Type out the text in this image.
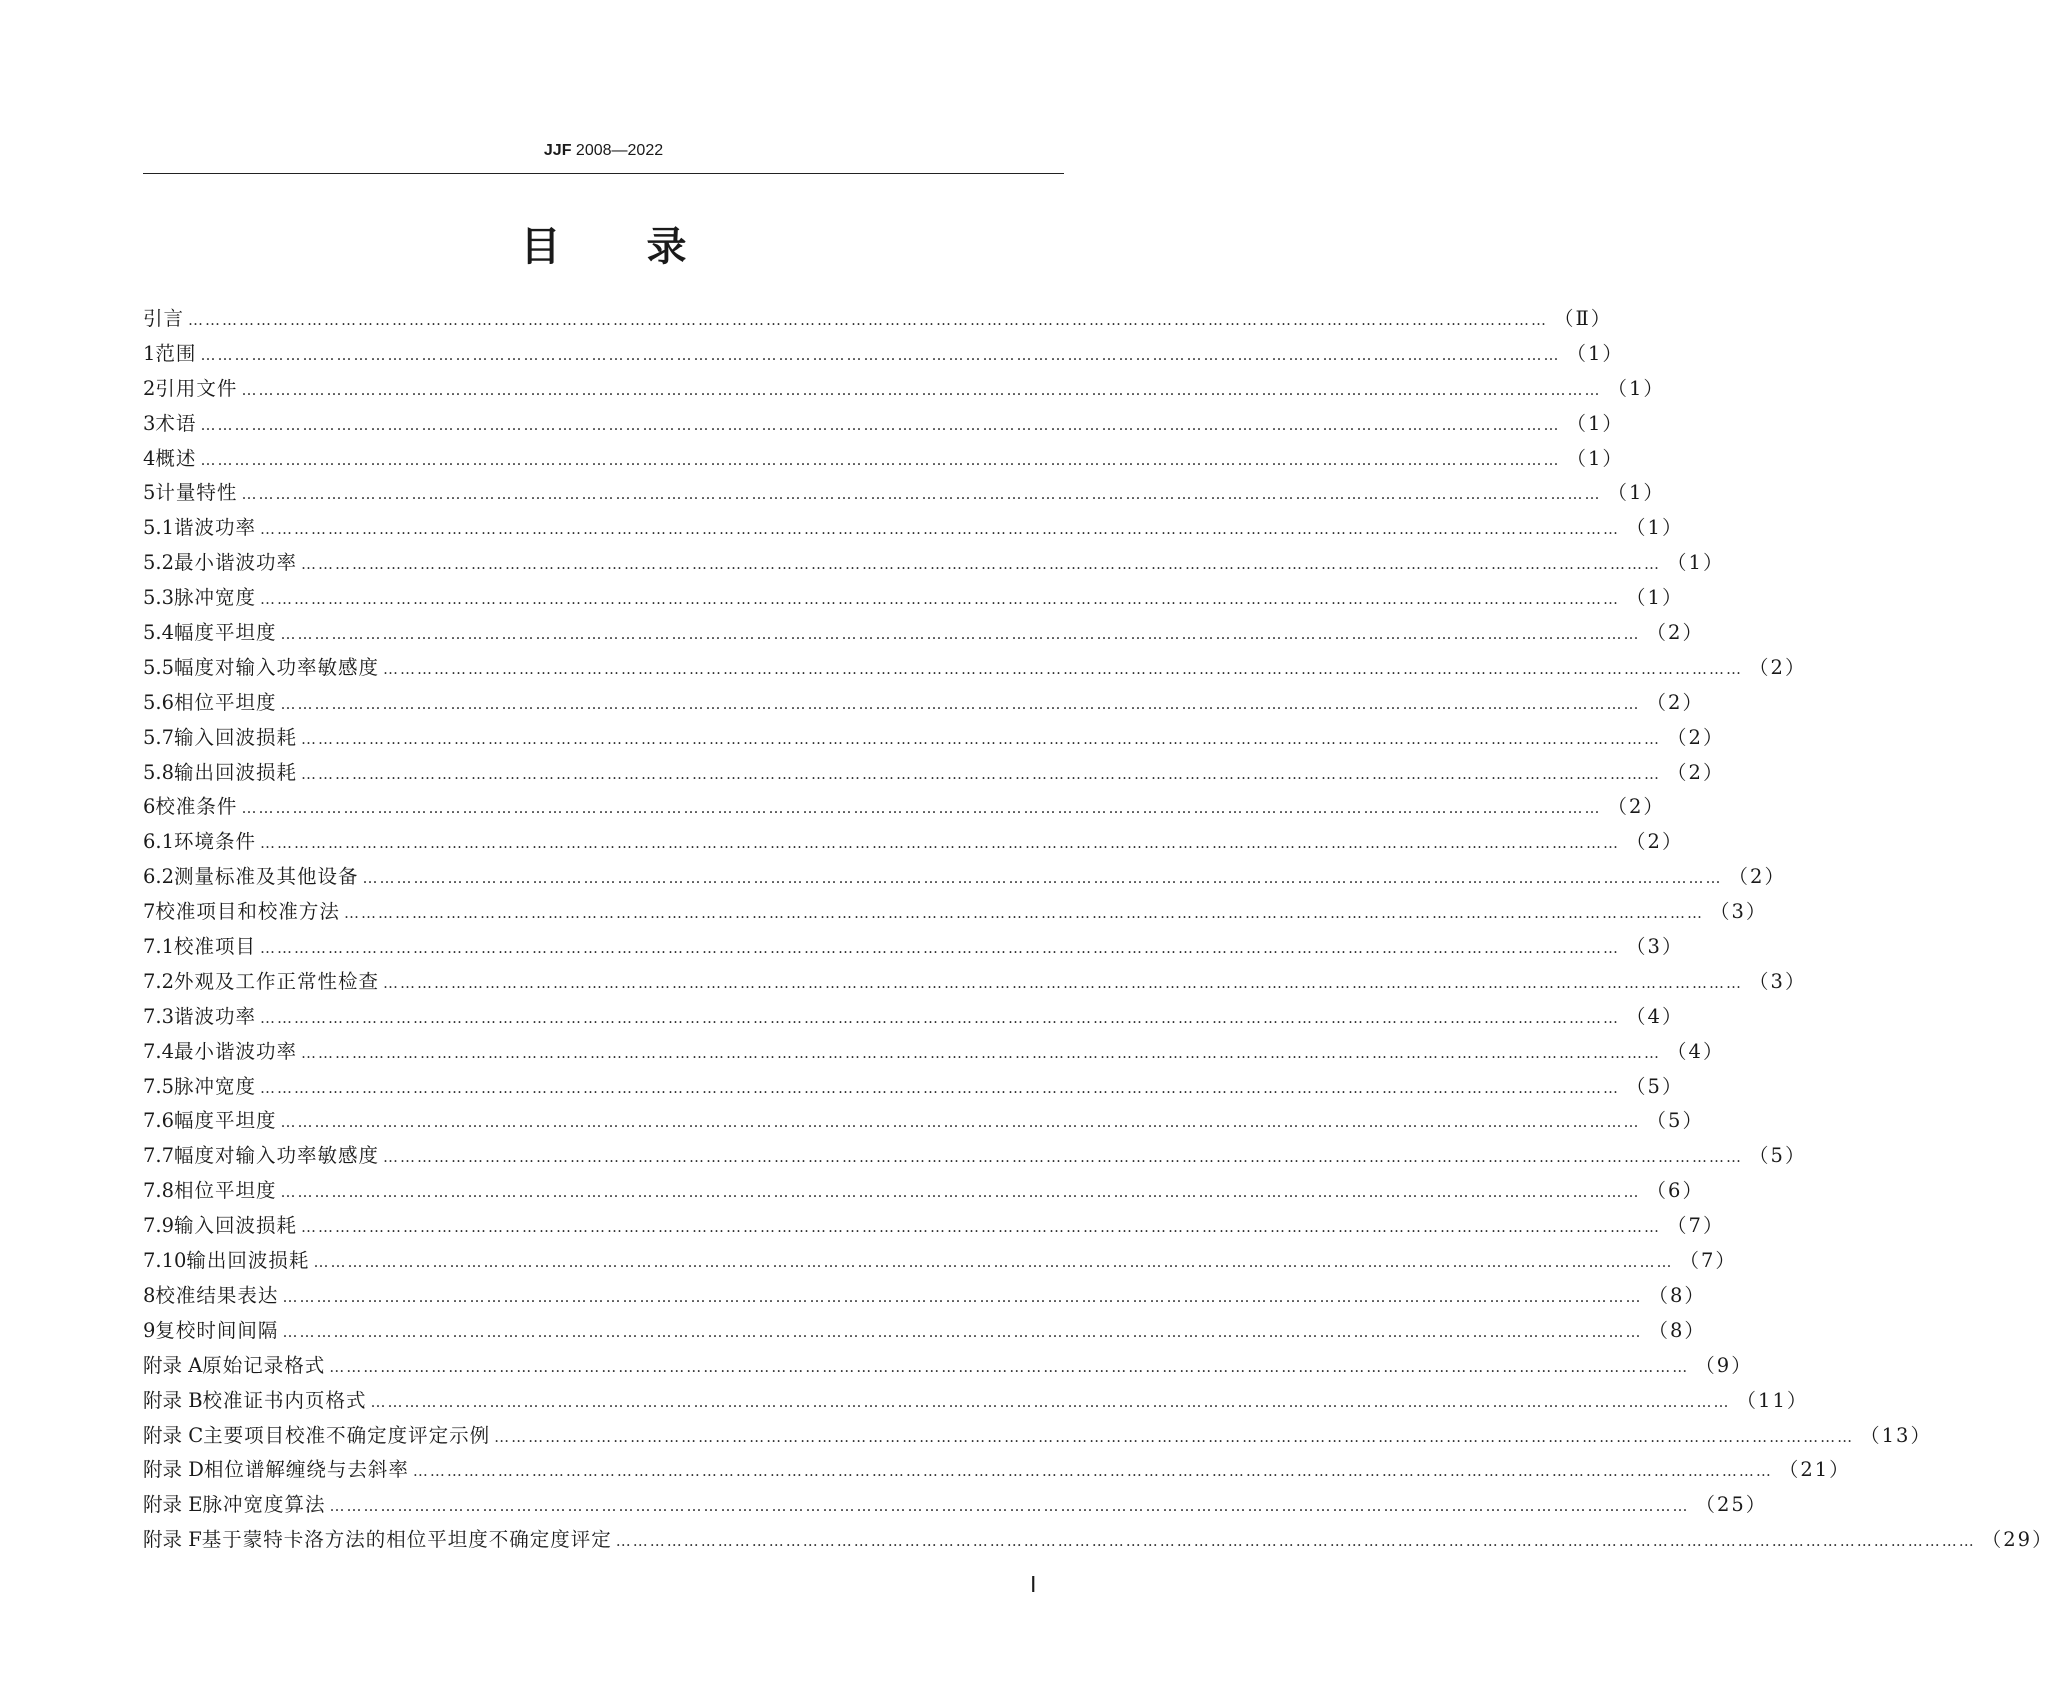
JJF 2008—2022
目 录
引言 …………………………………………………………………………………………………………………………………………………………………………………………………………………… （Ⅱ）
1 范围 …………………………………………………………………………………………………………………………………………………………………………………………………………………… （1）
2 引用文件 …………………………………………………………………………………………………………………………………………………………………………………………………………………… （1）
3 术语 …………………………………………………………………………………………………………………………………………………………………………………………………………………… （1）
4 概述 …………………………………………………………………………………………………………………………………………………………………………………………………………………… （1）
5 计量特性 …………………………………………………………………………………………………………………………………………………………………………………………………………………… （1）
5.1 谐波功率 …………………………………………………………………………………………………………………………………………………………………………………………………………………… （1）
5.2 最小谐波功率 …………………………………………………………………………………………………………………………………………………………………………………………………………………… （1）
5.3 脉冲宽度 …………………………………………………………………………………………………………………………………………………………………………………………………………………… （1）
5.4 幅度平坦度 …………………………………………………………………………………………………………………………………………………………………………………………………………………… （2）
5.5 幅度对输入功率敏感度 …………………………………………………………………………………………………………………………………………………………………………………………………………………… （2）
5.6 相位平坦度 …………………………………………………………………………………………………………………………………………………………………………………………………………………… （2）
5.7 输入回波损耗 …………………………………………………………………………………………………………………………………………………………………………………………………………………… （2）
5.8 输出回波损耗 …………………………………………………………………………………………………………………………………………………………………………………………………………………… （2）
6 校准条件 …………………………………………………………………………………………………………………………………………………………………………………………………………………… （2）
6.1 环境条件 …………………………………………………………………………………………………………………………………………………………………………………………………………………… （2）
6.2 测量标准及其他设备 …………………………………………………………………………………………………………………………………………………………………………………………………………………… （2）
7 校准项目和校准方法 …………………………………………………………………………………………………………………………………………………………………………………………………………………… （3）
7.1 校准项目 …………………………………………………………………………………………………………………………………………………………………………………………………………………… （3）
7.2 外观及工作正常性检查 …………………………………………………………………………………………………………………………………………………………………………………………………………………… （3）
7.3 谐波功率 …………………………………………………………………………………………………………………………………………………………………………………………………………………… （4）
7.4 最小谐波功率 …………………………………………………………………………………………………………………………………………………………………………………………………………………… （4）
7.5 脉冲宽度 …………………………………………………………………………………………………………………………………………………………………………………………………………………… （5）
7.6 幅度平坦度 …………………………………………………………………………………………………………………………………………………………………………………………………………………… （5）
7.7 幅度对输入功率敏感度 …………………………………………………………………………………………………………………………………………………………………………………………………………………… （5）
7.8 相位平坦度 …………………………………………………………………………………………………………………………………………………………………………………………………………………… （6）
7.9 输入回波损耗 …………………………………………………………………………………………………………………………………………………………………………………………………………………… （7）
7.10 输出回波损耗 …………………………………………………………………………………………………………………………………………………………………………………………………………………… （7）
8 校准结果表达 …………………………………………………………………………………………………………………………………………………………………………………………………………………… （8）
9 复校时间间隔 …………………………………………………………………………………………………………………………………………………………………………………………………………………… （8）
附录 A 原始记录格式 …………………………………………………………………………………………………………………………………………………………………………………………………………………… （9）
附录 B 校准证书内页格式 …………………………………………………………………………………………………………………………………………………………………………………………………………………… （11）
附录 C 主要项目校准不确定度评定示例 …………………………………………………………………………………………………………………………………………………………………………………………………………………… （13）
附录 D 相位谱解缠绕与去斜率 …………………………………………………………………………………………………………………………………………………………………………………………………………………… （21）
附录 E 脉冲宽度算法 …………………………………………………………………………………………………………………………………………………………………………………………………………………… （25）
附录 F 基于蒙特卡洛方法的相位平坦度不确定度评定 …………………………………………………………………………………………………………………………………………………………………………………………………………………… （29）
Ⅰ
